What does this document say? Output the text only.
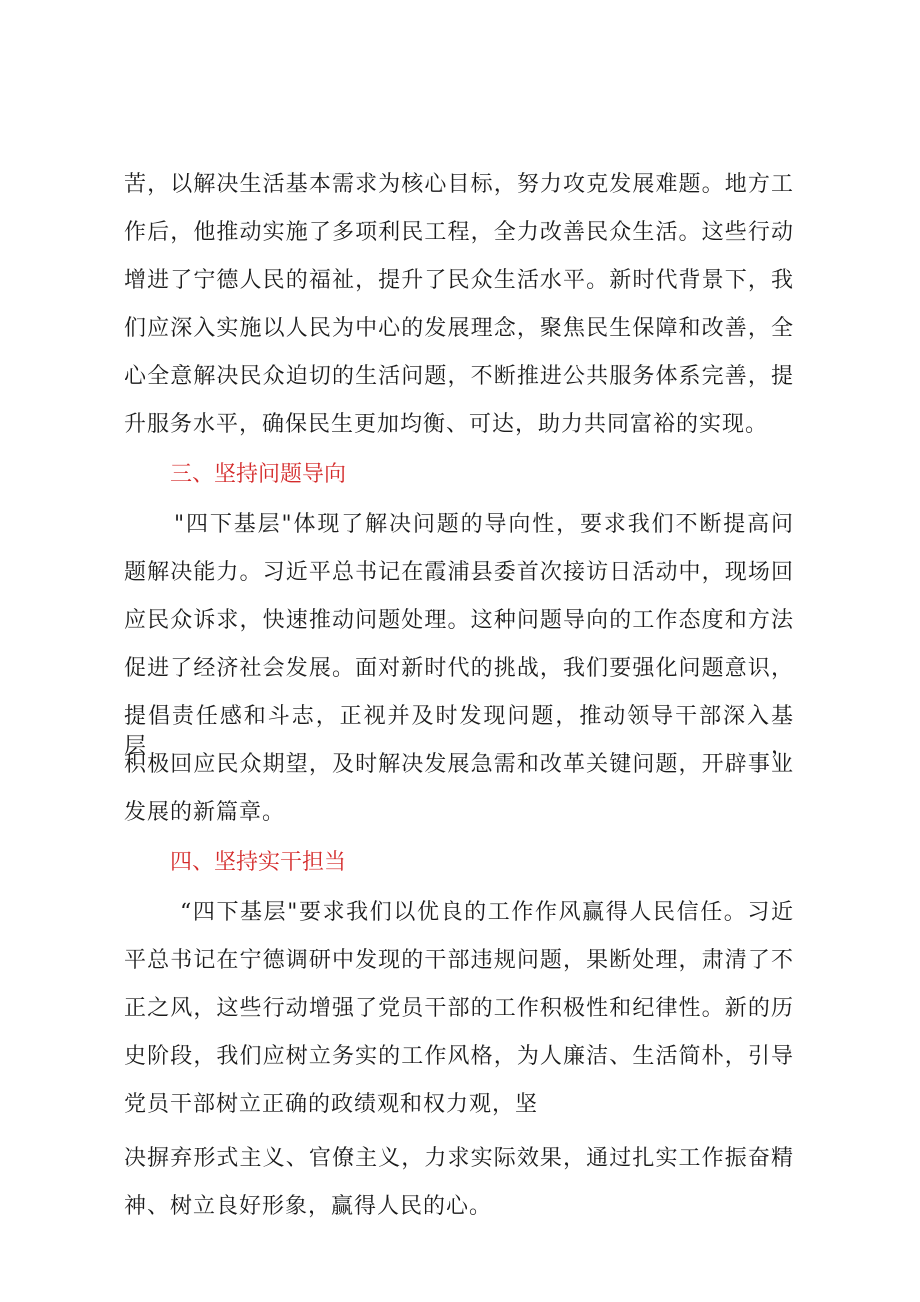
苦，以解决生活基本需求为核心目标，努力攻克发展难题。地方工
作后，他推动实施了多项利民工程，全力改善民众生活。这些行动
增进了宁德人民的福祉，提升了民众生活水平。新时代背景下，我
们应深入实施以人民为中心的发展理念，聚焦民生保障和改善，全
心全意解决民众迫切的生活问题，不断推进公共服务体系完善，提
升服务水平，确保民生更加均衡、可达，助力共同富裕的实现。
三、坚持问题导向
"四下基层"体现了解决问题的导向性，要求我们不断提高问
题解决能力。习近平总书记在霞浦县委首次接访日活动中，现场回
应民众诉求，快速推动问题处理。这种问题导向的工作态度和方法
促进了经济社会发展。面对新时代的挑战，我们要强化问题意识，
提倡责任感和斗志，正视并及时发现问题，推动领导干部深入基层，
积极回应民众期望，及时解决发展急需和改革关键问题，开辟事业
发展的新篇章。
四、坚持实干担当
“四下基层"要求我们以优良的工作作风赢得人民信任。习近
平总书记在宁德调研中发现的干部违规问题，果断处理，肃清了不
正之风，这些行动增强了党员干部的工作积极性和纪律性。新的历
史阶段，我们应树立务实的工作风格，为人廉洁、生活简朴，引导
党员干部树立正确的政绩观和权力观，坚
决摒弃形式主义、官僚主义，力求实际效果，通过扎实工作振奋精
神、树立良好形象，赢得人民的心。
